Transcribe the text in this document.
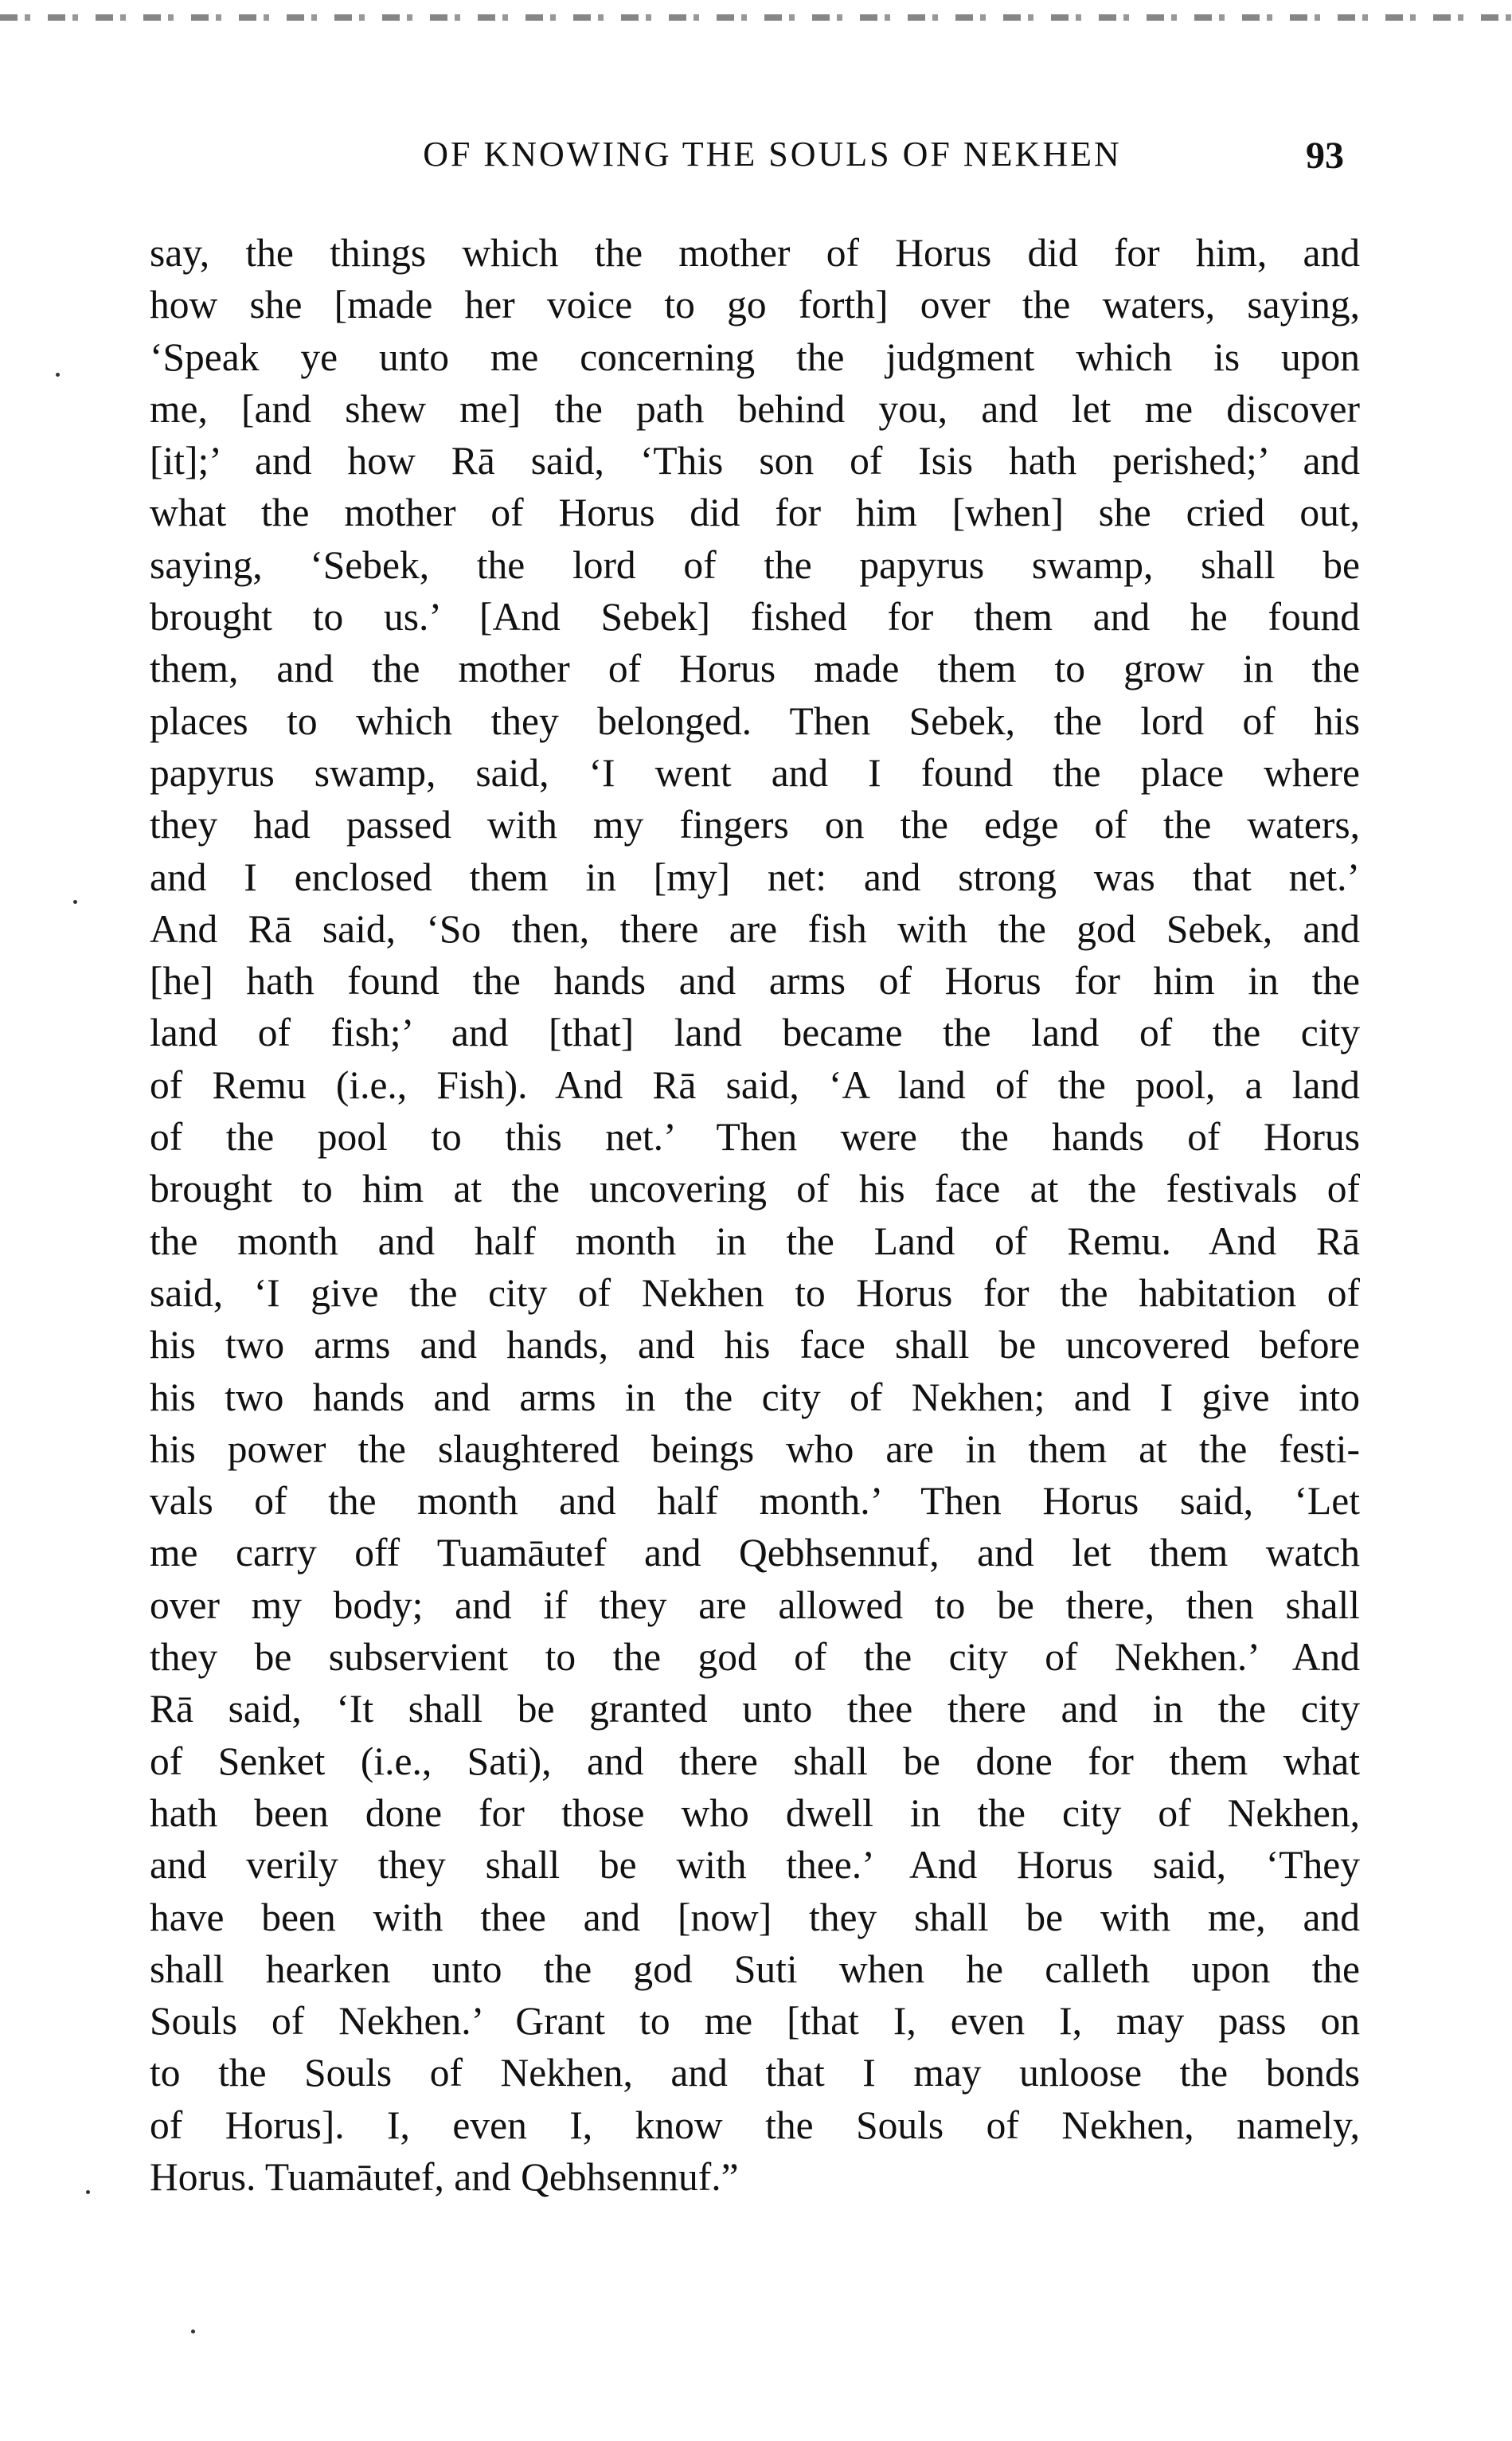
OF KNOWING THE SOULS OF NEKHEN	93
say, the things which the mother of Horus did for him, and
how she [made her voice to go forth] over the waters, saying,
‘Speak ye unto me concerning the judgment which is upon
me, [and shew me] the path behind you, and let me discover
[it];’ and how Rā said, ‘This son of Isis hath perished;’ and
what the mother of Horus did for him [when] she cried out,
saying, ‘Sebek, the lord of the papyrus swamp, shall be
brought to us.’ [And Sebek] fished for them and he found
them, and the mother of Horus made them to grow in the
places to which they belonged. Then Sebek, the lord of his
papyrus swamp, said, ‘I went and I found the place where
they had passed with my fingers on the edge of the waters,
and I enclosed them in [my] net: and strong was that net.’
And Rā said, ‘So then, there are fish with the god Sebek, and
[he] hath found the hands and arms of Horus for him in the
land of fish;’ and [that] land became the land of the city
of Remu (i.e., Fish). And Rā said, ‘A land of the pool, a land
of the pool to this net.’ Then were the hands of Horus
brought to him at the uncovering of his face at the festivals of
the month and half month in the Land of Remu. And Rā
said, ‘I give the city of Nekhen to Horus for the habitation of
his two arms and hands, and his face shall be uncovered before
his two hands and arms in the city of Nekhen; and I give into
his power the slaughtered beings who are in them at the festi-
vals of the month and half month.’ Then Horus said, ‘Let
me carry off Tuamāutef and Qebhsennuf, and let them watch
over my body; and if they are allowed to be there, then shall
they be subservient to the god of the city of Nekhen.’ And
Rā said, ‘It shall be granted unto thee there and in the city
of Senket (i.e., Sati), and there shall be done for them what
hath been done for those who dwell in the city of Nekhen,
and verily they shall be with thee.’ And Horus said, ‘They
have been with thee and [now] they shall be with me, and
shall hearken unto the god Suti when he calleth upon the
Souls of Nekhen.’ Grant to me [that I, even I, may pass on
to the Souls of Nekhen, and that I may unloose the bonds
of Horus]. I, even I, know the Souls of Nekhen, namely,
Horus. Tuamāutef, and Qebhsennuf.”
